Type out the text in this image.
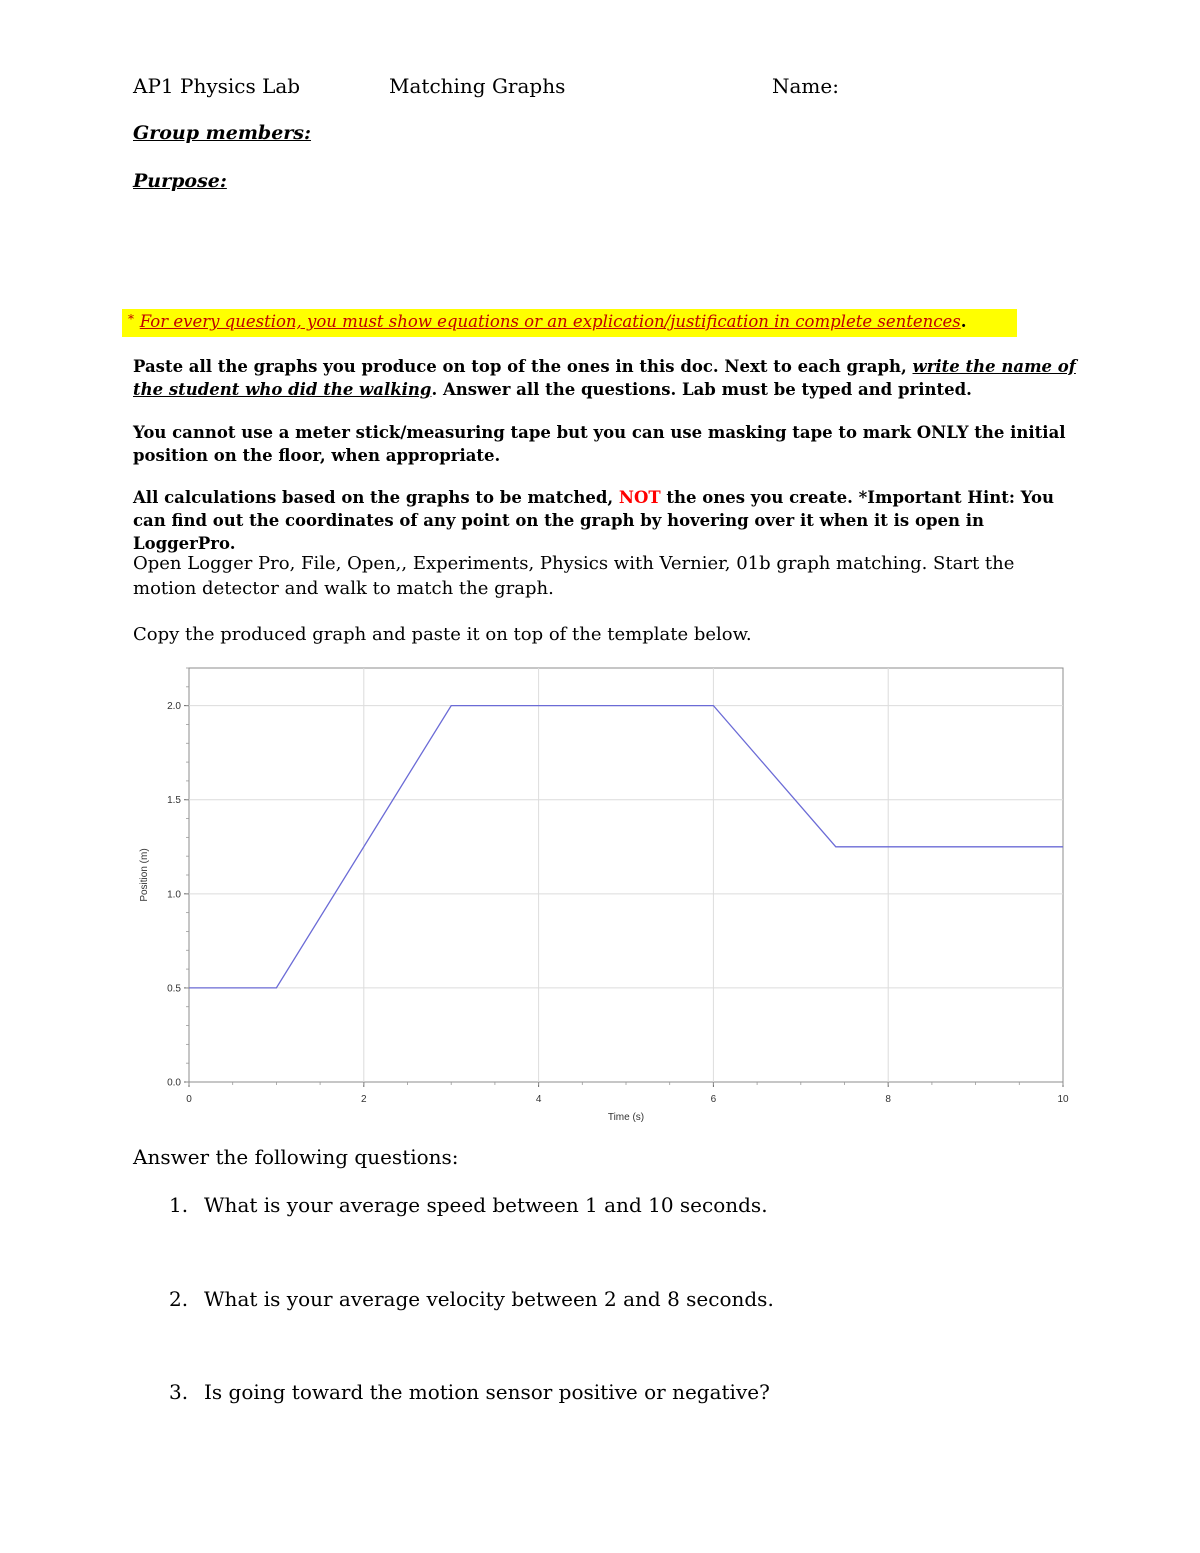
AP1 Physics Lab	Matching Graphs	Name:
Group members:
Purpose:
* For every question, you must show equations or an explication/justification in complete sentences.
Paste all the graphs you produce on top of the ones in this doc. Next to each graph, write the name of the student who did the walking. Answer all the questions. Lab must be typed and printed.
You cannot use a meter stick/measuring tape but you can use masking tape to mark ONLY the initial position on the floor, when appropriate.
All calculations based on the graphs to be matched, NOT the ones you create. *Important Hint: You can find out the coordinates of any point on the graph by hovering over it when it is open in LoggerPro.
Open Logger Pro, File, Open,, Experiments, Physics with Vernier, 01b graph matching. Start the motion detector and walk to match the graph.
Copy the produced graph and paste it on top of the template below.
0	2	4	6	8	10
0.0
0.5
1.0
1.5
2.0
Time (s)
Position (m)
Answer the following questions:
1. What is your average speed between 1 and 10 seconds.
2. What is your average velocity between 2 and 8 seconds.
3. Is going toward the motion sensor positive or negative?
